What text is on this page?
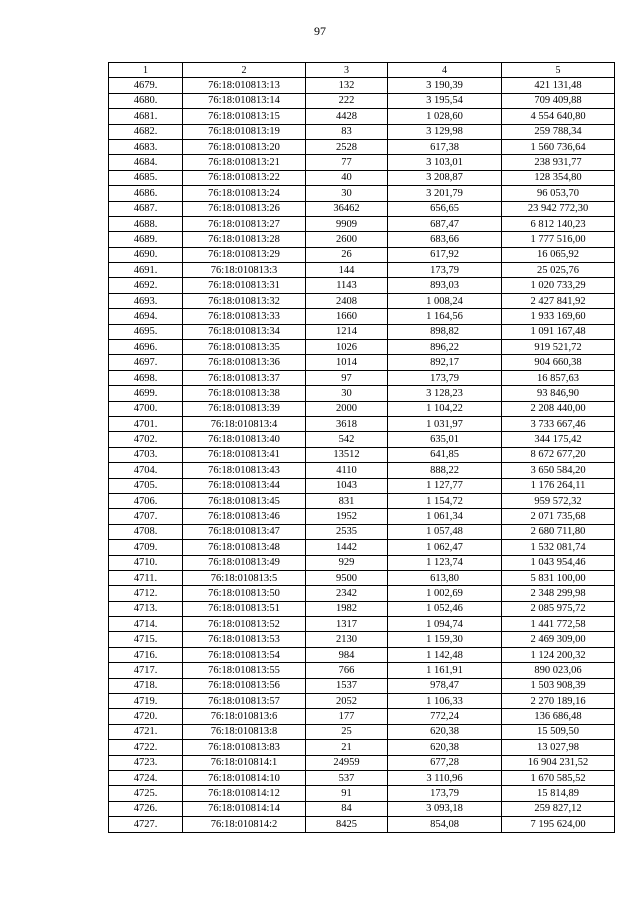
97
1	2	3	4	5
4679.	76:18:010813:13	132	3 190,39	421 131,48
4680.	76:18:010813:14	222	3 195,54	709 409,88
4681.	76:18:010813:15	4428	1 028,60	4 554 640,80
4682.	76:18:010813:19	83	3 129,98	259 788,34
4683.	76:18:010813:20	2528	617,38	1 560 736,64
4684.	76:18:010813:21	77	3 103,01	238 931,77
4685.	76:18:010813:22	40	3 208,87	128 354,80
4686.	76:18:010813:24	30	3 201,79	96 053,70
4687.	76:18:010813:26	36462	656,65	23 942 772,30
4688.	76:18:010813:27	9909	687,47	6 812 140,23
4689.	76:18:010813:28	2600	683,66	1 777 516,00
4690.	76:18:010813:29	26	617,92	16 065,92
4691.	76:18:010813:3	144	173,79	25 025,76
4692.	76:18:010813:31	1143	893,03	1 020 733,29
4693.	76:18:010813:32	2408	1 008,24	2 427 841,92
4694.	76:18:010813:33	1660	1 164,56	1 933 169,60
4695.	76:18:010813:34	1214	898,82	1 091 167,48
4696.	76:18:010813:35	1026	896,22	919 521,72
4697.	76:18:010813:36	1014	892,17	904 660,38
4698.	76:18:010813:37	97	173,79	16 857,63
4699.	76:18:010813:38	30	3 128,23	93 846,90
4700.	76:18:010813:39	2000	1 104,22	2 208 440,00
4701.	76:18:010813:4	3618	1 031,97	3 733 667,46
4702.	76:18:010813:40	542	635,01	344 175,42
4703.	76:18:010813:41	13512	641,85	8 672 677,20
4704.	76:18:010813:43	4110	888,22	3 650 584,20
4705.	76:18:010813:44	1043	1 127,77	1 176 264,11
4706.	76:18:010813:45	831	1 154,72	959 572,32
4707.	76:18:010813:46	1952	1 061,34	2 071 735,68
4708.	76:18:010813:47	2535	1 057,48	2 680 711,80
4709.	76:18:010813:48	1442	1 062,47	1 532 081,74
4710.	76:18:010813:49	929	1 123,74	1 043 954,46
4711.	76:18:010813:5	9500	613,80	5 831 100,00
4712.	76:18:010813:50	2342	1 002,69	2 348 299,98
4713.	76:18:010813:51	1982	1 052,46	2 085 975,72
4714.	76:18:010813:52	1317	1 094,74	1 441 772,58
4715.	76:18:010813:53	2130	1 159,30	2 469 309,00
4716.	76:18:010813:54	984	1 142,48	1 124 200,32
4717.	76:18:010813:55	766	1 161,91	890 023,06
4718.	76:18:010813:56	1537	978,47	1 503 908,39
4719.	76:18:010813:57	2052	1 106,33	2 270 189,16
4720.	76:18:010813:6	177	772,24	136 686,48
4721.	76:18:010813:8	25	620,38	15 509,50
4722.	76:18:010813:83	21	620,38	13 027,98
4723.	76:18:010814:1	24959	677,28	16 904 231,52
4724.	76:18:010814:10	537	3 110,96	1 670 585,52
4725.	76:18:010814:12	91	173,79	15 814,89
4726.	76:18:010814:14	84	3 093,18	259 827,12
4727.	76:18:010814:2	8425	854,08	7 195 624,00
